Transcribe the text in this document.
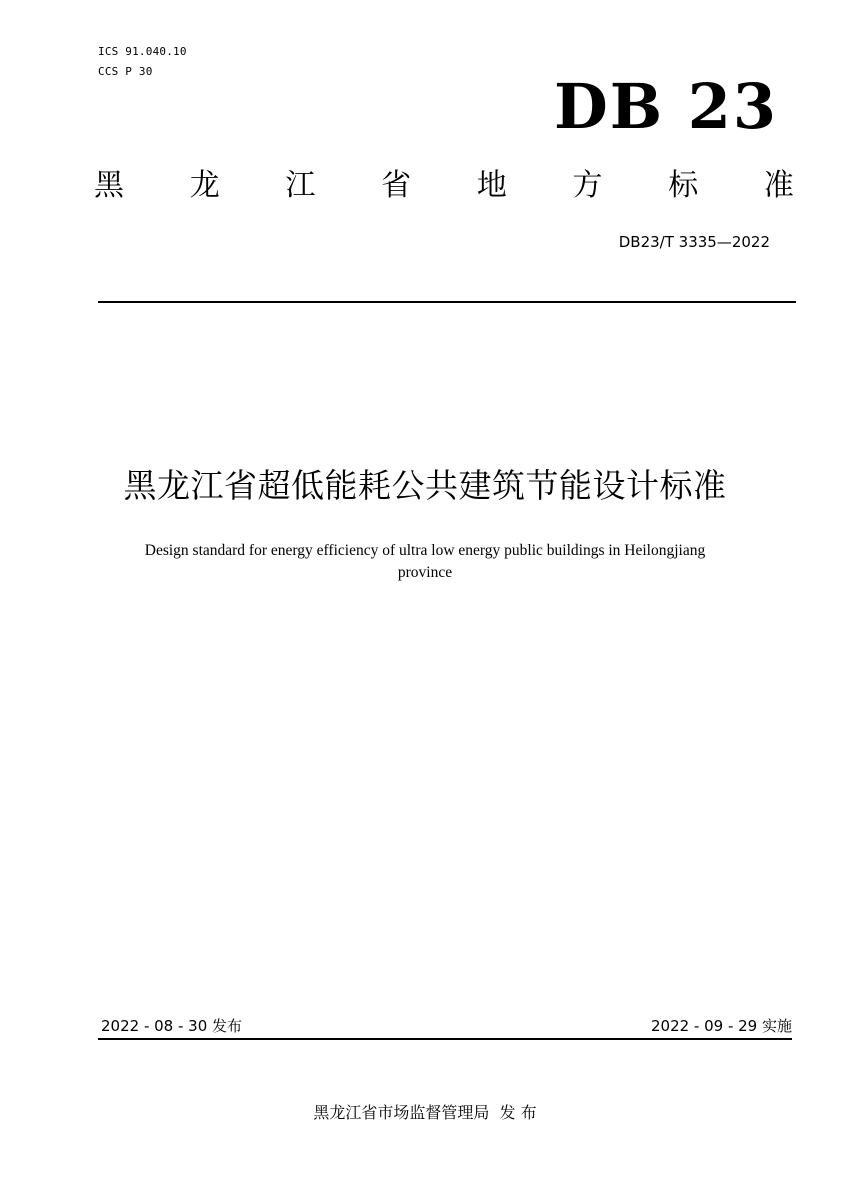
ICS 91.040.10
CCS P 30	DB 23
黑 龙 江 省 地 方 标 准
DB23/T 3335—2022
黑龙江省超低能耗公共建筑节能设计标准
Design standard for energy efficiency of ultra low energy public buildings in Heilongjiang province
2022 - 08 - 30 发布	2022 - 09 - 29 实施
黑龙江省市场监督管理局  发 布
